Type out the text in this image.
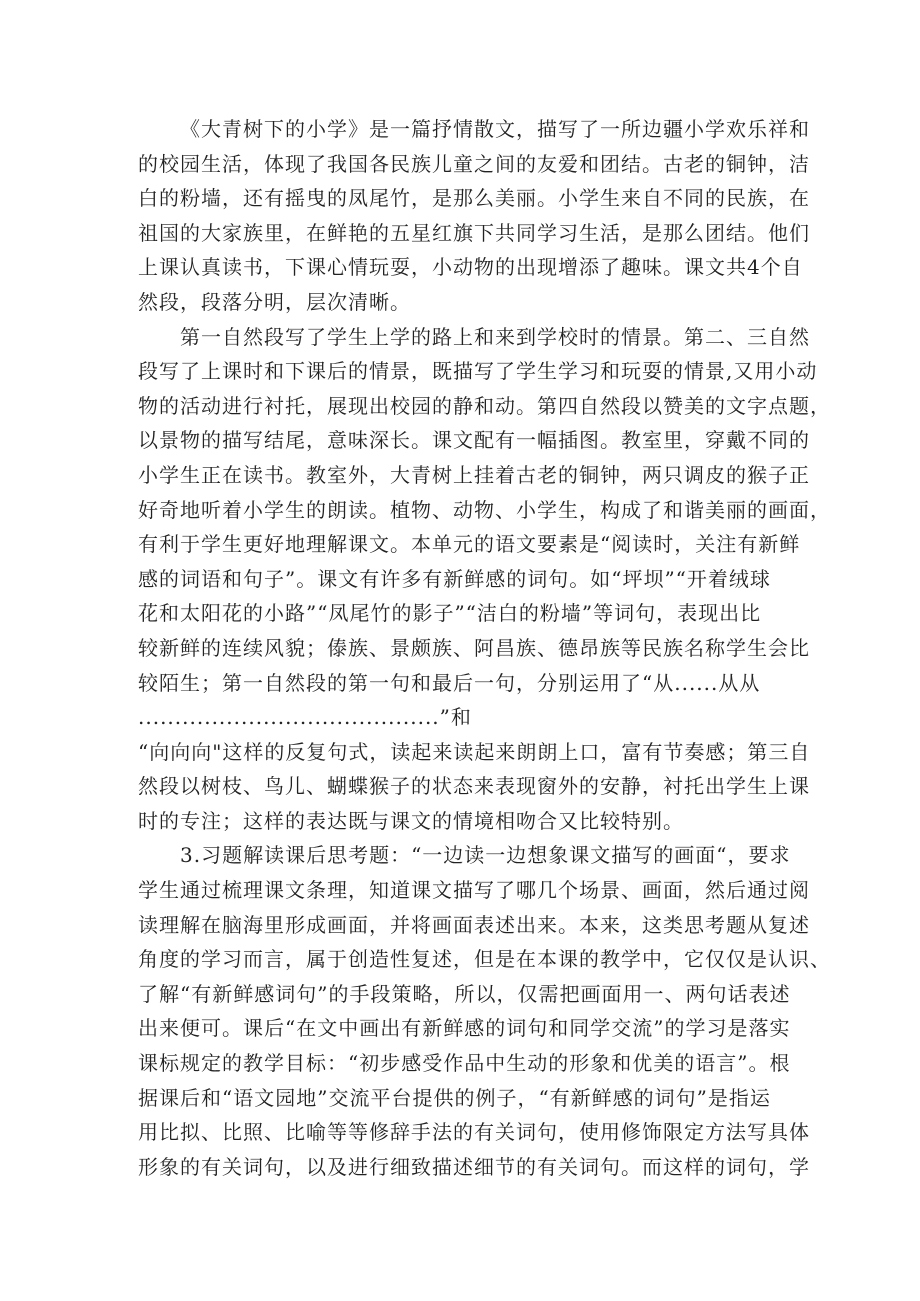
《大青树下的小学》是一篇抒情散文，描写了一所边疆小学欢乐祥和
的校园生活，体现了我国各民族儿童之间的友爱和团结。古老的铜钟，洁
白的粉墙，还有摇曳的凤尾竹，是那么美丽。小学生来自不同的民族，在
祖国的大家族里，在鲜艳的五星红旗下共同学习生活，是那么团结。他们
上课认真读书，下课心情玩耍，小动物的出现增添了趣味。课文共4个自
然段，段落分明，层次清晰。
第一自然段写了学生上学的路上和来到学校时的情景。第二、三自然
段写了上课时和下课后的情景，既描写了学生学习和玩耍的情景,又用小动
物的活动进行衬托，展现出校园的静和动。第四自然段以赞美的文字点题，
以景物的描写结尾，意味深长。课文配有一幅插图。教室里，穿戴不同的
小学生正在读书。教室外，大青树上挂着古老的铜钟，两只调皮的猴子正
好奇地听着小学生的朗读。植物、动物、小学生，构成了和谐美丽的画面，
有利于学生更好地理解课文。本单元的语文要素是“阅读时，关注有新鲜
感的词语和句子”。课文有许多有新鲜感的词句。如“坪坝”“开着绒球
花和太阳花的小路”“凤尾竹的影子”“洁白的粉墙”等词句，表现出比
较新鲜的连续风貌；傣族、景颇族、阿昌族、德昂族等民族名称学生会比
较陌生；第一自然段的第一句和最后一句，分别运用了“从......从从
.........................................”和
“向向向"这样的反复句式，读起来读起来朗朗上口，富有节奏感；第三自
然段以树枝、鸟儿、蝴蝶猴子的状态来表现窗外的安静，衬托出学生上课
时的专注；这样的表达既与课文的情境相吻合又比较特别。
3.习题解读课后思考题：“一边读一边想象课文描写的画面“，要求
学生通过梳理课文条理，知道课文描写了哪几个场景、画面，然后通过阅
读理解在脑海里形成画面，并将画面表述出来。本来，这类思考题从复述
角度的学习而言，属于创造性复述，但是在本课的教学中，它仅仅是认识、
了解“有新鲜感词句”的手段策略，所以，仅需把画面用一、两句话表述
出来便可。课后“在文中画出有新鲜感的词句和同学交流”的学习是落实
课标规定的教学目标：“初步感受作品中生动的形象和优美的语言”。根
据课后和“语文园地”交流平台提供的例子，“有新鲜感的词句”是指运
用比拟、比照、比喻等等修辞手法的有关词句，使用修饰限定方法写具体
形象的有关词句，以及进行细致描述细节的有关词句。而这样的词句，学
